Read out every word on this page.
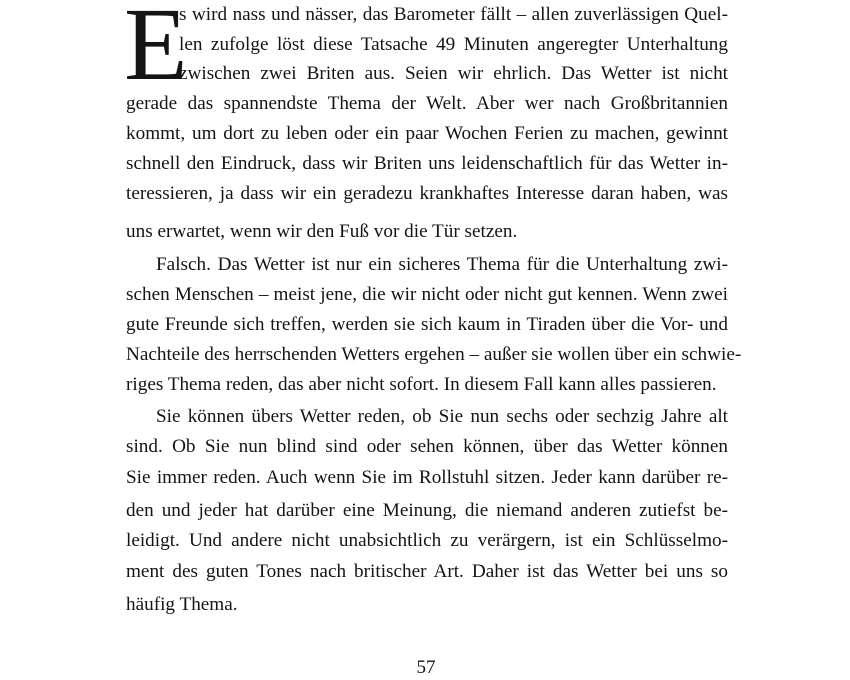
E
s wird nass und nässer, das Barometer fällt – allen zuverlässigen Quel-
len zufolge löst diese Tatsache 49 Minuten angeregter Unterhaltung
zwischen zwei Briten aus. Seien wir ehrlich. Das Wetter ist nicht
gerade das spannendste Thema der Welt. Aber wer nach Großbritannien
kommt, um dort zu leben oder ein paar Wochen Ferien zu machen, gewinnt
schnell den Eindruck, dass wir Briten uns leidenschaftlich für das Wetter in-
teressieren, ja dass wir ein geradezu krankhaftes Interesse daran haben, was
uns erwartet, wenn wir den Fuß vor die Tür setzen.
Falsch. Das Wetter ist nur ein sicheres Thema für die Unterhaltung zwi-
schen Menschen – meist jene, die wir nicht oder nicht gut kennen. Wenn zwei
gute Freunde sich treffen, werden sie sich kaum in Tiraden über die Vor- und
Nachteile des herrschenden Wetters ergehen – außer sie wollen über ein schwie-
riges Thema reden, das aber nicht sofort. In diesem Fall kann alles passieren.
Sie können übers Wetter reden, ob Sie nun sechs oder sechzig Jahre alt
sind. Ob Sie nun blind sind oder sehen können, über das Wetter können
Sie immer reden. Auch wenn Sie im Rollstuhl sitzen. Jeder kann darüber re-
den und jeder hat darüber eine Meinung, die niemand anderen zutiefst be-
leidigt. Und andere nicht unabsichtlich zu verärgern, ist ein Schlüsselmo-
ment des guten Tones nach britischer Art. Daher ist das Wetter bei uns so
häufig Thema.
57
